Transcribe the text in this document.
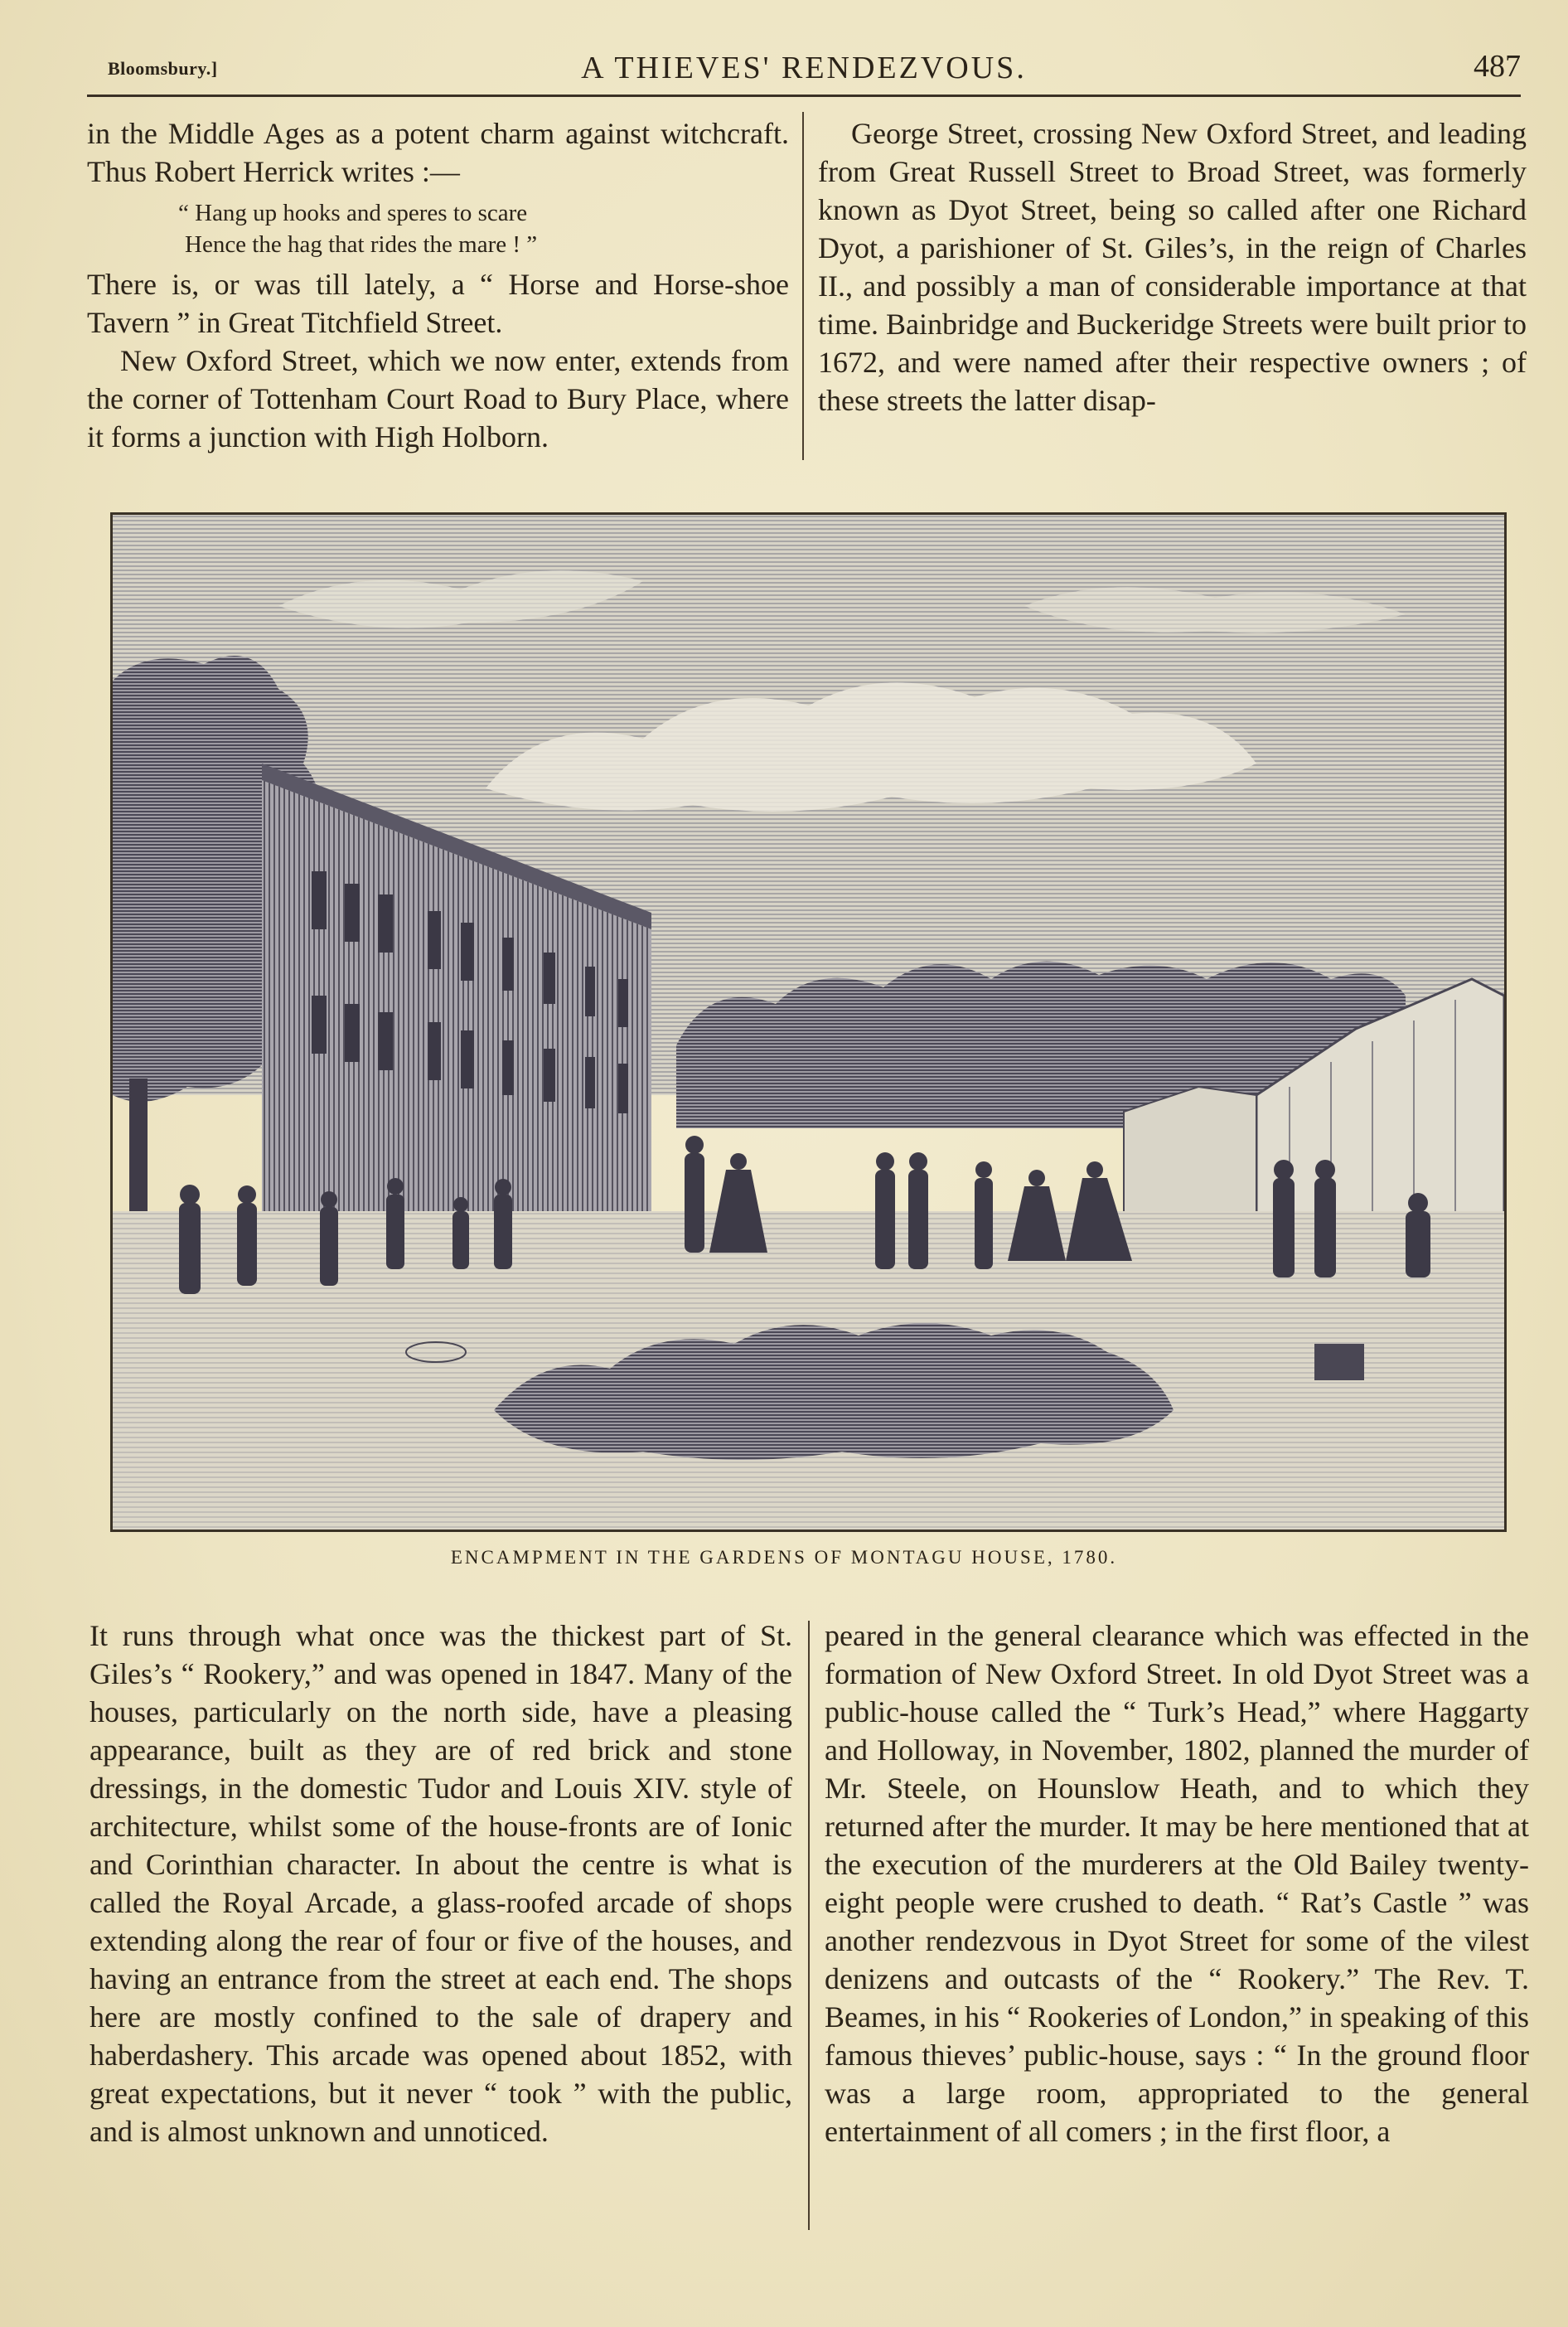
Bloomsbury.]	A THIEVES' RENDEZVOUS.	487

in the Middle Ages as a potent charm against witchcraft. Thus Robert Herrick writes :—

“ Hang up hooks and speres to scare
Hence the hag that rides the mare ! ”

There is, or was till lately, a “ Horse and Horse-shoe Tavern ” in Great Titchfield Street.

New Oxford Street, which we now enter, extends from the corner of Tottenham Court Road to Bury Place, where it forms a junction with High Holborn.

George Street, crossing New Oxford Street, and leading from Great Russell Street to Broad Street, was formerly known as Dyot Street, being so called after one Richard Dyot, a parishioner of St. Giles’s, in the reign of Charles II., and possibly a man of considerable importance at that time. Bainbridge and Buckeridge Streets were built prior to 1672, and were named after their respective owners ; of these streets the latter disap-

ENCAMPMENT IN THE GARDENS OF MONTAGU HOUSE, 1780.

It runs through what once was the thickest part of St. Giles’s “ Rookery,” and was opened in 1847. Many of the houses, particularly on the north side, have a pleasing appearance, built as they are of red brick and stone dressings, in the domestic Tudor and Louis XIV. style of architecture, whilst some of the house-fronts are of Ionic and Corinthian character. In about the centre is what is called the Royal Arcade, a glass-roofed arcade of shops extending along the rear of four or five of the houses, and having an entrance from the street at each end. The shops here are mostly confined to the sale of drapery and haberdashery. This arcade was opened about 1852, with great expectations, but it never “ took ” with the public, and is almost unknown and unnoticed.

peared in the general clearance which was effected in the formation of New Oxford Street. In old Dyot Street was a public-house called the “ Turk’s Head,” where Haggarty and Holloway, in November, 1802, planned the murder of Mr. Steele, on Hounslow Heath, and to which they returned after the murder. It may be here mentioned that at the execution of the murderers at the Old Bailey twenty-eight people were crushed to death. “ Rat’s Castle ” was another rendezvous in Dyot Street for some of the vilest denizens and outcasts of the “ Rookery.” The Rev. T. Beames, in his “ Rookeries of London,” in speaking of this famous thieves’ public-house, says : “ In the ground floor was a large room, appropriated to the general entertainment of all comers ; in the first floor, a
